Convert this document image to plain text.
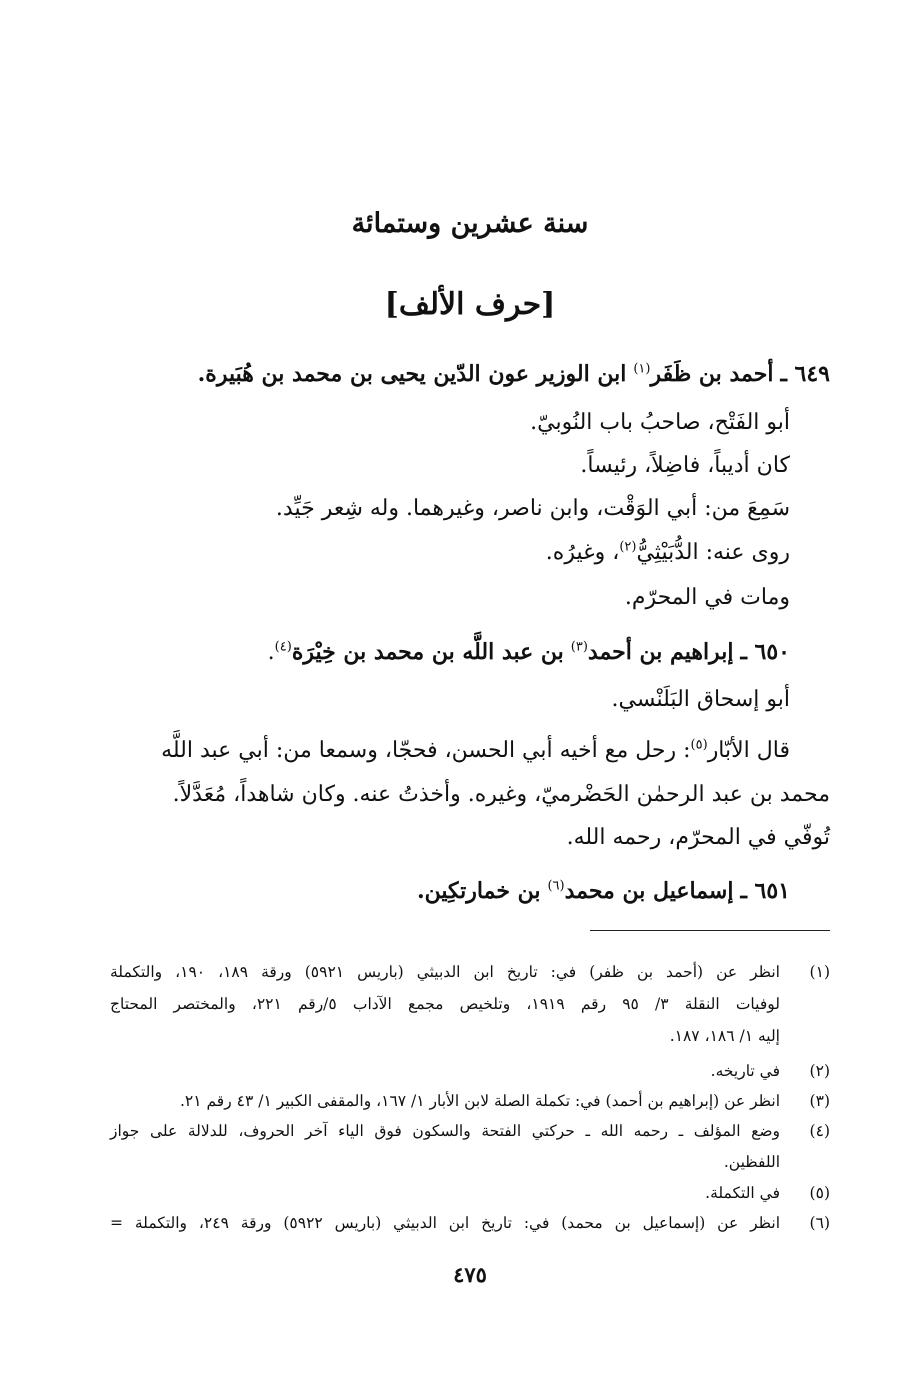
سنة عشرين وستمائة
[حرف الألف]
٦٤٩ ـ أحمد بن ظَفَر$^{(١)}$ ابن الوزير عون الدّين يحيى بن محمد بن هُبَيرة.
أبو الفَتْح، صاحبُ باب النُوبيّ.
كان أديباً، فاضِلاً، رئيساً.
سَمِعَ من: أبي الوَقْت، وابن ناصر، وغيرهما. وله شِعر جَيِّد.
روى عنه: الدُّبَيْثِيُّ$^{(٢)}$، وغيرُه.
ومات في المحرّم.
٦٥٠ ـ إبراهيم بن أحمد$^{(٣)}$ بن عبد اللَّه بن محمد بن خِيْرَة$^{(٤)}$.
أبو إسحاق البَلَنْسي.
قال الأبّار$^{(٥)}$: رحل مع أخيه أبي الحسن، فحجّا، وسمعا من: أبي عبد اللَّه
محمد بن عبد الرحمٰن الحَضْرميّ، وغيره. وأخذتُ عنه. وكان شاهداً، مُعَدَّلاً.
تُوفّي في المحرّم، رحمه الله.
٦٥١ ـ إسماعيل بن محمد$^{(٦)}$ بن خمارتكِين.
(١)
انظر عن (أحمد بن ظفر) في: تاريخ ابن الدبيثي (باريس ٥٩٢١) ورقة ١٨٩، ١٩٠، والتكملة
لوفيات النقلة ٣/ ٩٥ رقم ١٩١٩، وتلخيص مجمع الآداب ٥/رقم ٢٢١، والمختصر المحتاج
إليه ١/ ١٨٦، ١٨٧.
(٢)
في تاريخه.
(٣)
انظر عن (إبراهيم بن أحمد) في: تكملة الصلة لابن الأبار ١/ ١٦٧، والمقفى الكبير ١/ ٤٣ رقم ٢١.
(٤)
وضع المؤلف ـ رحمه الله ـ حركتي الفتحة والسكون فوق الياء آخر الحروف، للدلالة على جواز
اللفظين.
(٥)
في التكملة.
(٦)
انظر عن (إسماعيل بن محمد) في: تاريخ ابن الدبيثي (باريس ٥٩٢٢) ورقة ٢٤٩، والتكملة =
٤٧٥
